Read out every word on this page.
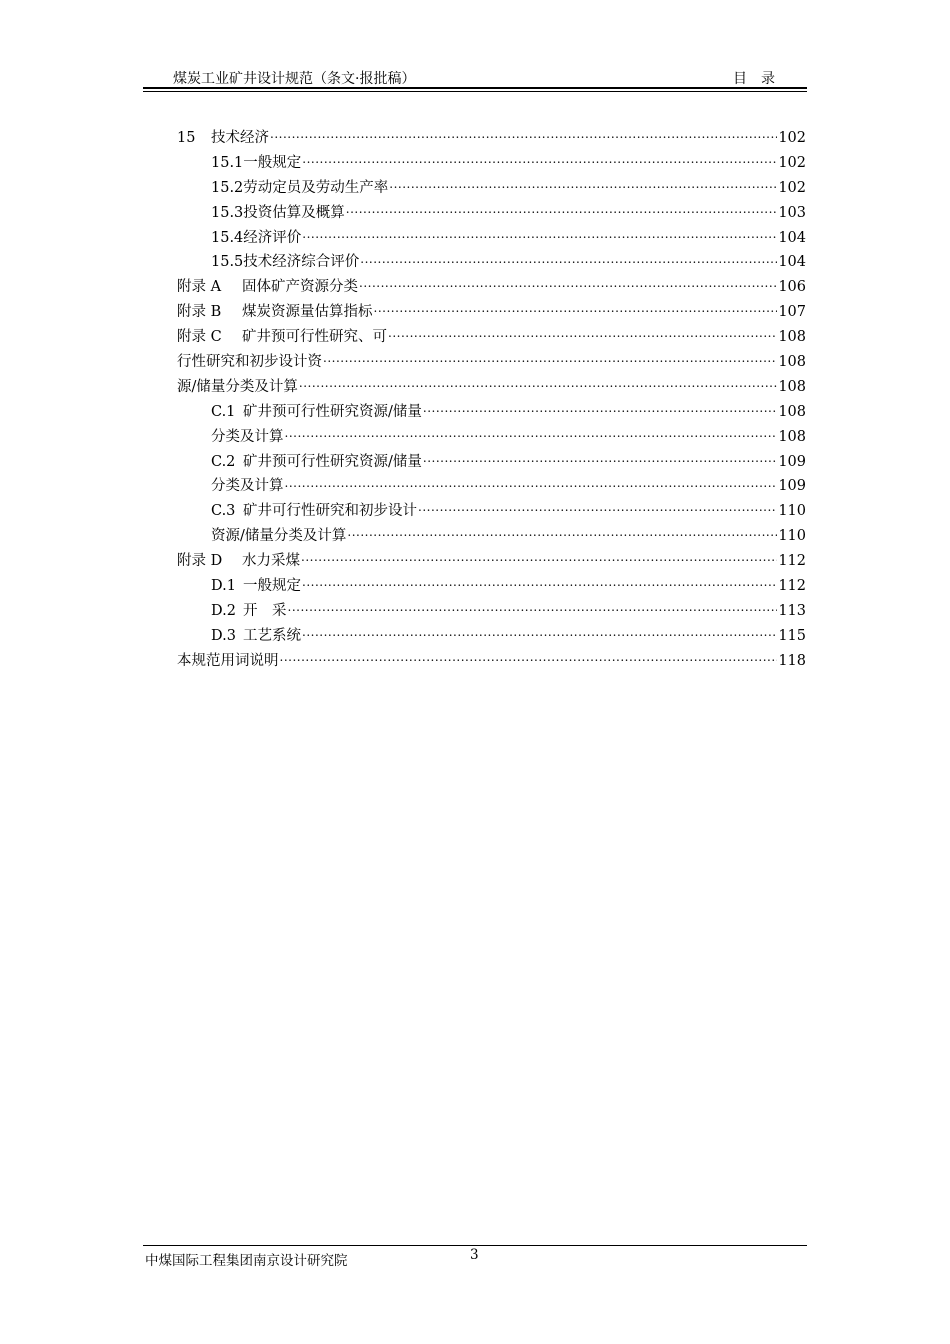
煤炭工业矿井设计规范（条文·报批稿）	目　录
15	技术经济 .....	102
15.1 一般规定 .....	102
15.2 劳动定员及劳动生产率 .....	102
15.3 投资估算及概算 .....	103
15.4 经济评价 .....	104
15.5 技术经济综合评价 .....	104
附录 A	固体矿产资源分类 .....	106
附录 B	煤炭资源量估算指标 .....	107
附录 C	矿井预可行性研究、可 .....	108
行性研究和初步设计资 .....	108
源/储量分类及计算 .....	108
C.1 矿井预可行性研究资源/储量 .....	108
分类及计算 .....	108
C.2 矿井预可行性研究资源/储量 .....	109
分类及计算 .....	109
C.3 矿井可行性研究和初步设计 .....	110
资源/储量分类及计算 .....	110
附录 D	水力采煤 .....	112
D.1 一般规定 .....	112
D.2 开　采 .....	113
D.3 工艺系统 .....	115
本规范用词说明 .....	118
中煤国际工程集团南京设计研究院	3
